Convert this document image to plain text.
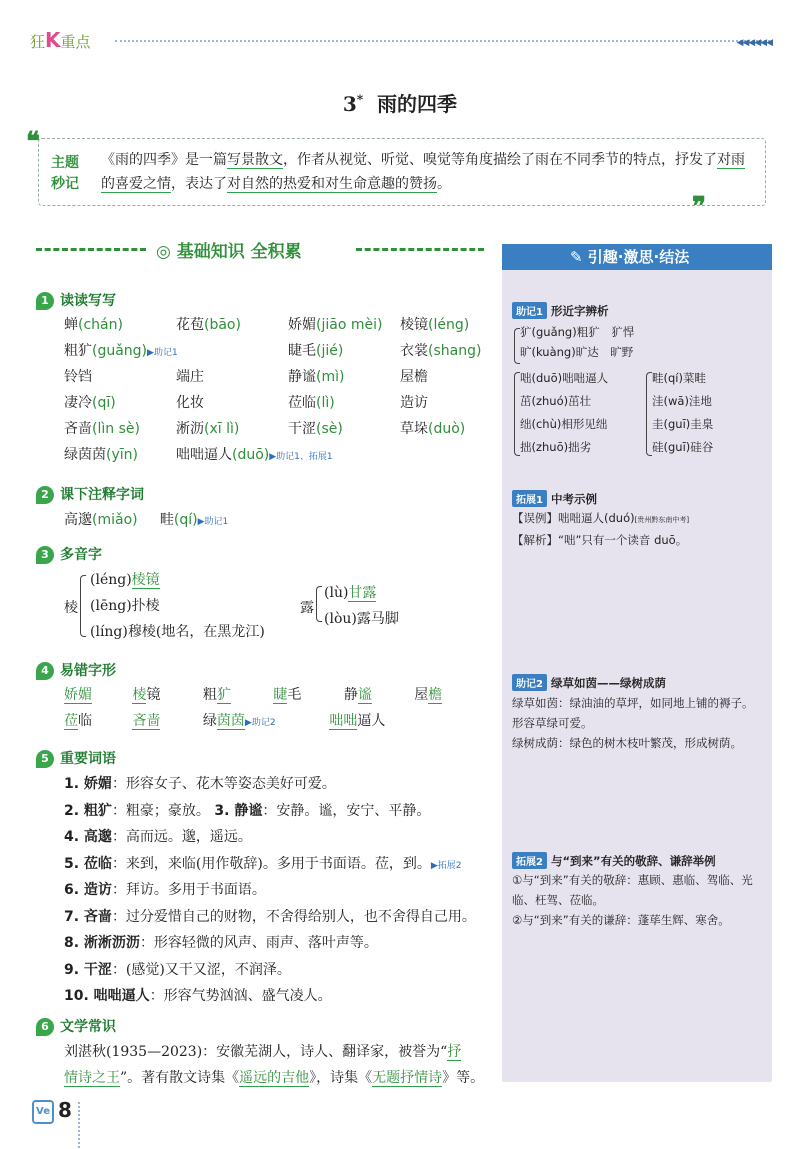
狂K重点	◀◀◀◀◀◀
3* 雨的四季
❝
主题
秒记
《雨的四季》是一篇写景散文，作者从视觉、听觉、嗅觉等角度描绘了雨在不同季节的特点，抒发了对雨的喜爱之情，表达了对自然的热爱和对生命意趣的赞扬。
❞
◎ 基础知识 全积累
1 读读写写
蝉(chán)	花苞(bāo)	娇媚(jiāo mèi)	棱镜(léng)
粗犷(guǎng)▶助记1	睫毛(jié)	衣裳(shang)
铃铛	端庄	静谧(mì)	屋檐
凄冷(qī)	化妆	莅临(lì)	造访
吝啬(lìn sè)	淅沥(xī lì)	干涩(sè)	草垛(duò)
绿茵茵(yīn)	咄咄逼人(duō)▶助记1、拓展1
2 课下注释字词
高邈(miǎo) 畦(qí)▶助记1
3 多音字
棱
(léng)棱镜
(lēng)扑棱
(líng)穆棱(地名，在黑龙江)
露
(lù)甘露
(lòu)露马脚
4 易错字形
娇媚	棱镜	粗犷	睫毛	静谧	屋檐
莅临	吝啬	绿茵茵▶助记2	咄咄逼人
5 重要词语
1. 娇媚：形容女子、花木等姿态美好可爱。
2. 粗犷：粗豪；豪放。 3. 静谧：安静。谧，安宁、平静。
4. 高邈：高而远。邈，遥远。
5. 莅临：来到，来临(用作敬辞)。多用于书面语。莅，到。▶拓展2
6. 造访：拜访。多用于书面语。
7. 吝啬：过分爱惜自己的财物，不舍得给别人，也不舍得自己用。
8. 淅淅沥沥：形容轻微的风声、雨声、落叶声等。
9. 干涩：(感觉)又干又涩，不润泽。
10. 咄咄逼人：形容气势汹汹、盛气凌人。
6 文学常识
刘湛秋(1935—2023)：安徽芜湖人，诗人、翻译家，被誉为“抒
情诗之王”。著有散文诗集《遥远的吉他》，诗集《无题抒情诗》等。
✎ 引趣·激思·结法
助记1 形近字辨析
犷(guǎng)粗犷　犷悍
旷(kuàng)旷达　旷野
咄(duō)咄咄逼人
茁(zhuó)茁壮
绌(chù)相形见绌
拙(zhuō)拙劣
畦(qí)菜畦
洼(wā)洼地
圭(guī)圭臬
硅(guī)硅谷
拓展1 中考示例
【误例】咄咄逼人(duó)[贵州黔东南中考]
【解析】“咄”只有一个读音 duō。
助记2 绿草如茵——绿树成荫
绿草如茵：绿油油的草坪，如同地上铺的褥子。
形容草绿可爱。
绿树成荫：绿色的树木枝叶繁茂，形成树荫。
拓展2 与“到来”有关的敬辞、谦辞举例
①与“到来”有关的敬辞：惠顾、惠临、驾临、光
临、枉驾、莅临。
②与“到来”有关的谦辞：蓬荜生辉、寒舍。
Ve 8
